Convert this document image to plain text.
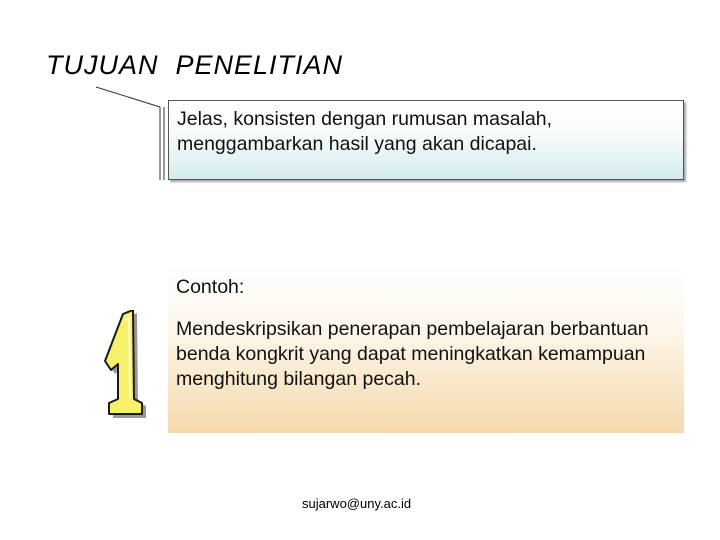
TUJUAN  PENELITIAN
Jelas, konsisten dengan rumusan masalah, menggambarkan hasil yang akan dicapai.
Contoh:
Mendeskripsikan penerapan pembelajaran berbantuan benda kongkrit yang dapat meningkatkan kemampuan menghitung bilangan pecah.
sujarwo@uny.ac.id
